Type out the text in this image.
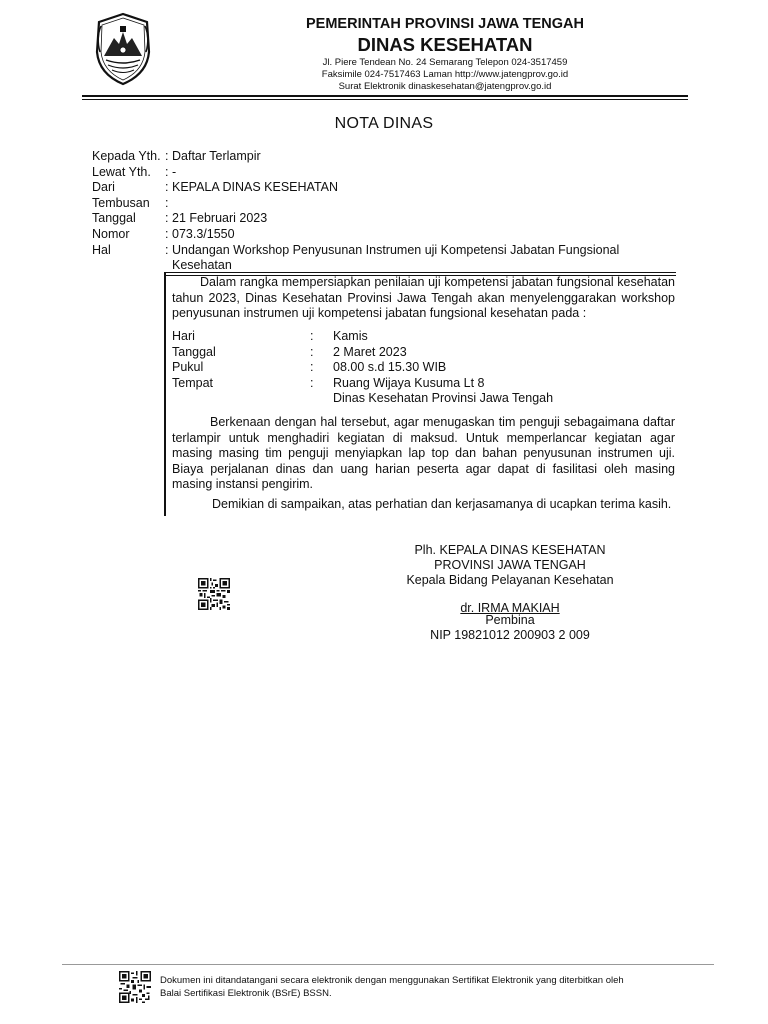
PEMERINTAH PROVINSI JAWA TENGAH
DINAS KESEHATAN
Jl. Piere Tendean No. 24 Semarang Telepon 024-3517459
Faksimile 024-7517463 Laman http://www.jatengprov.go.id
Surat Elektronik dinaskesehatan@jatengprov.go.id
NOTA DINAS
Kepada Yth. : Daftar Terlampir
Lewat Yth.	: -
Dari	: KEPALA DINAS KESEHATAN
Tembusan	:
Tanggal	: 21 Februari 2023
Nomor	: 073.3/1550
Hal	: Undangan Workshop Penyusunan Instrumen uji Kompetensi Jabatan Fungsional
Kesehatan
Dalam rangka mempersiapkan penilaian uji kompetensi jabatan fungsional kesehatan tahun 2023, Dinas Kesehatan Provinsi Jawa Tengah akan menyelenggarakan workshop penyusunan instrumen uji kompetensi jabatan fungsional kesehatan pada :
Hari	:	Kamis
Tanggal	:	2 Maret 2023
Pukul	:	08.00 s.d 15.30 WIB
Tempat	:	Ruang Wijaya Kusuma Lt 8
Dinas Kesehatan Provinsi Jawa Tengah
Berkenaan dengan hal tersebut, agar menugaskan tim penguji sebagaimana daftar terlampir untuk menghadiri kegiatan di maksud. Untuk memperlancar kegiatan agar masing masing tim penguji menyiapkan lap top dan bahan penyusunan instrumen uji. Biaya perjalanan dinas dan uang harian peserta agar dapat di fasilitasi oleh masing masing instansi pengirim.
Demikian di sampaikan, atas perhatian dan kerjasamanya di ucapkan terima kasih.
Plh. KEPALA DINAS KESEHATAN
PROVINSI JAWA TENGAH
Kepala Bidang Pelayanan Kesehatan
dr. IRMA MAKIAH
Pembina
NIP 19821012 200903 2 009
Dokumen ini ditandatangani secara elektronik dengan menggunakan Sertifikat Elektronik yang diterbitkan oleh
Balai Sertifikasi Elektronik (BSrE) BSSN.
